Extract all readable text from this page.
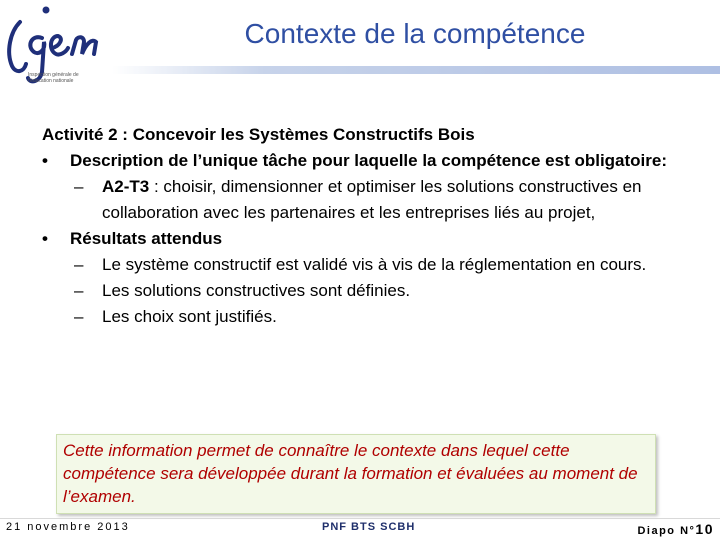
Inspection générale de l'éducation nationale
Contexte de la compétence
Activité 2 : Concevoir les Systèmes Constructifs Bois
• Description de l’unique tâche pour laquelle la compétence est obligatoire:
– A2-T3 : choisir, dimensionner et optimiser les solutions constructives en collaboration avec les partenaires et les entreprises liés au projet,
• Résultats attendus
– Le système constructif est validé vis à vis de la réglementation en cours.
– Les solutions constructives sont définies.
– Les choix sont justifiés.
Cette information permet de connaître le contexte dans lequel cette compétence sera développée durant la formation et évaluées au moment de l’examen.
21 novembre 2013	PNF BTS SCBH	Diapo N°10
